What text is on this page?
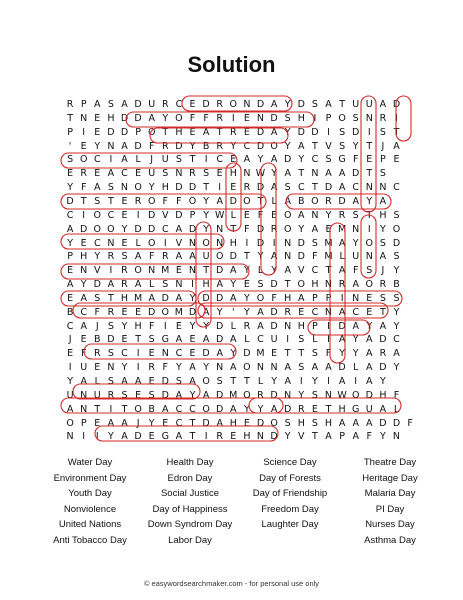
Solution
R P A S A D U R C E D R O N D A Y D S A T U U A D
T N E H D D A Y O F F R I E N D S H I P O S N R I
P I E D D P O T H E A T R E D A Y D D I S D I S T
' E Y N A D F R D Y B R Y C D O Y A T V S Y T J A
S O C I A L	J U S T I C E A Y A D Y C S G F E P E
E R E A C E U S N R S E H N W Y A T N A A D T S
Y F A S N O Y H D D T I E R D A S C T D A C N N C
D T S T E R O F F O Y A D O T L A B O R D A Y A
C I O C E I D V D P Y W L E F E O A N Y R S T H S
A D O O Y D D C A D Y N T F D R O Y A E M N I Y O
Y E C N E L O I V N O N H I D I N D S M A Y O S D
P H Y R S A F R A A U O D T Y A N D F M L U N A S
E N V I R O N M E N T D A Y L Y A V C T A F S J Y
A Y D A R A L S N I H A Y E S D T O H N R A O R B
E A S T H M A D A Y D D A Y O F H A P P I N E S S
B C F R E E D O M D A Y ' Y A D R E C N A C E T Y
C A J S Y H F I E Y Y D L R A D N H P I D A Y A Y
J E B D E T S G A E A D A L C U I S L	I A Y A D C
E F R S C I E N C E D A Y D M E T T S F Y Y A R A
I U E N Y I R F Y A Y N A O N N A S A A D L A D Y
Y A L S A A E D S A O S T T L Y A I Y I A I A Y
U N U R S E S D A Y A D M O R D N Y S N W O D H F
A N T I T O B A C C O D A Y Y A D R E T H G U A L
O P E A A J Y E C T D A H E D O S H S H A A A D D F
N I	I Y A D E G A T I R E H N D Y V T A P A F Y N
Water Day
Environment Day
Youth Day
Nonviolence
United Nations
Anti Tobacco Day
Health Day
Edron Day
Social Justice
Day of Happiness
Down Syndrom Day
Labor Day
Science Day
Day of Forests
Day of Friendship
Freedom Day
Laughter Day
Theatre Day
Heritage Day
Malaria Day
PI Day
Nurses Day
Asthma Day
© easywordsearchmaker.com - for personal use only
